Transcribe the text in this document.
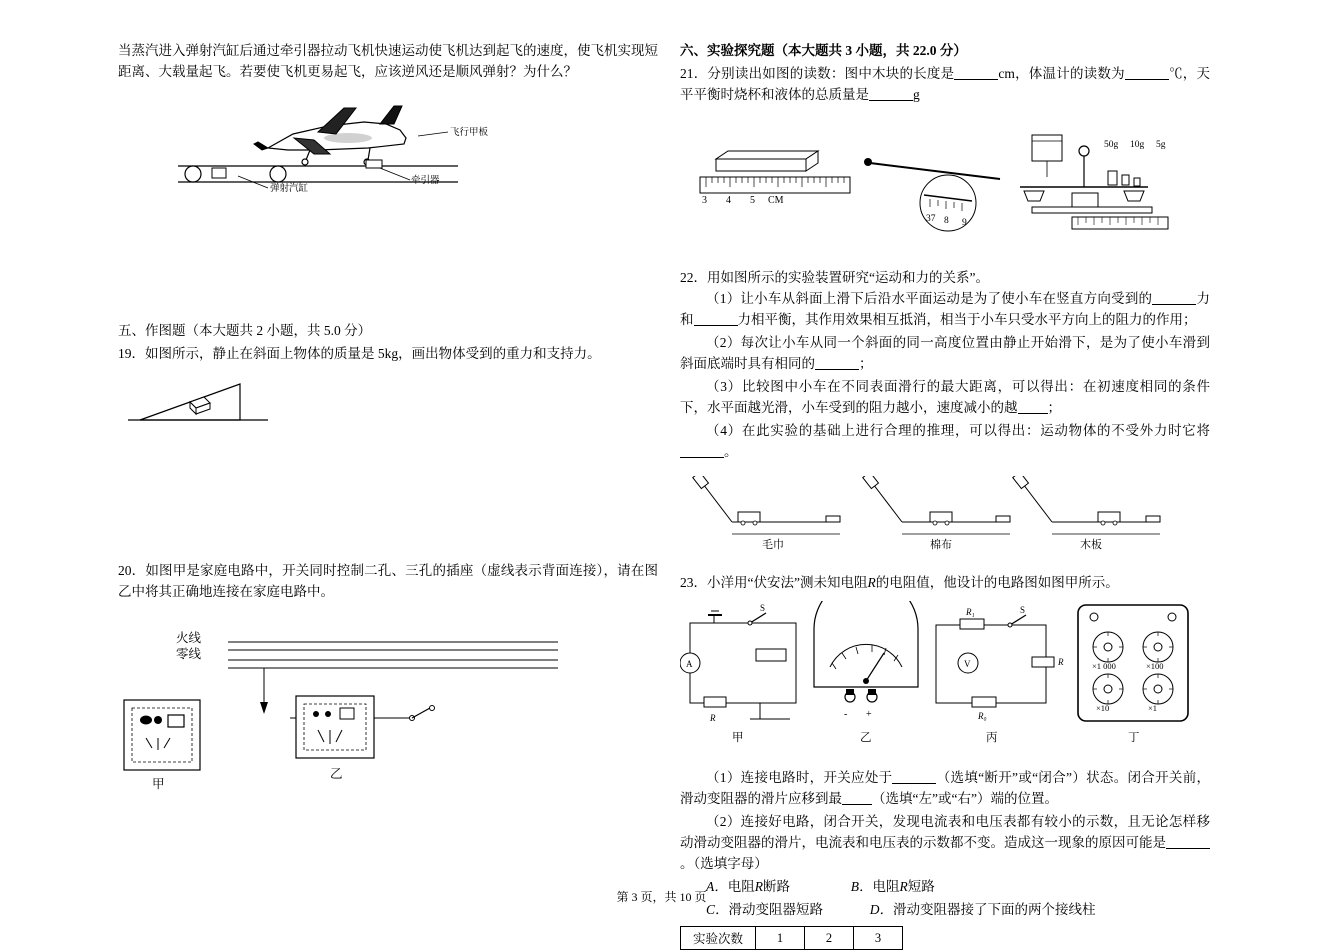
当蒸汽进入弹射汽缸后通过牵引器拉动飞机快速运动使飞机达到起飞的速度，使飞机实现短距离、大载量起飞。若要使飞机更易起飞，应该逆风还是顺风弹射？为什么？

飞行甲板
弹射汽缸
牵引器

五、作图题（本大题共 2 小题，共 5.0 分）

19．如图所示，静止在斜面上物体的质量是 5kg，画出物体受到的重力和支持力。

20．如图甲是家庭电路中，开关同时控制二孔、三孔的插座（虚线表示背面连接），请在图乙中将其正确地连接在家庭电路中。

火线
零线
甲
乙

六、实验探究题（本大题共 3 小题，共 22.0 分）

21．分别读出如图的读数：图中木块的长度是	cm，体温计的读数为	℃，天平平衡时烧杯和液体的总质量是	g

3 4 5 CM
37 8 9
50g 10g 5g

22．用如图所示的实验装置研究“运动和力的关系”。

（1）让小车从斜面上滑下后沿水平面运动是为了使小车在竖直方向受到的	力和	力相平衡，其作用效果相互抵消，相当于小车只受水平方向上的阻力的作用；

（2）每次让小车从同一个斜面的同一高度位置由静止开始滑下，是为了使小车滑到斜面底端时具有相同的	；

（3）比较图中小车在不同表面滑行的最大距离，可以得出：在初速度相同的条件下，水平面越光滑，小车受到的阻力越小，速度减小的越 ；

（4）在此实验的基础上进行合理的推理，可以得出：运动物体的不受外力时它将。

毛巾	棉布	木板

23．小洋用“伏安法”测未知电阻R的电阻值，他设计的电路图如图甲所示。

S
A
R
甲
- +
乙
R₁	S
V
R₀
R
丙
×1 000	×100
×10	×1
丁

（1）连接电路时，开关应处于	（选填“断开”或“闭合”）状态。闭合开关前，滑动变阻器的滑片应移到最 （选填“左”或“右”）端的位置。

（2）连接好电路，闭合开关，发现电流表和电压表都有较小的示数，且无论怎样移动滑动变阻器的滑片，电流表和电压表的示数都不变。造成这一现象的原因可能是。（选填字母）

A．电阻R断路	B．电阻R短路

C．滑动变阻器短路	D．滑动变阻器接了下面的两个接线柱

实验次数	1	2	3
第 3 页，共 10 页
